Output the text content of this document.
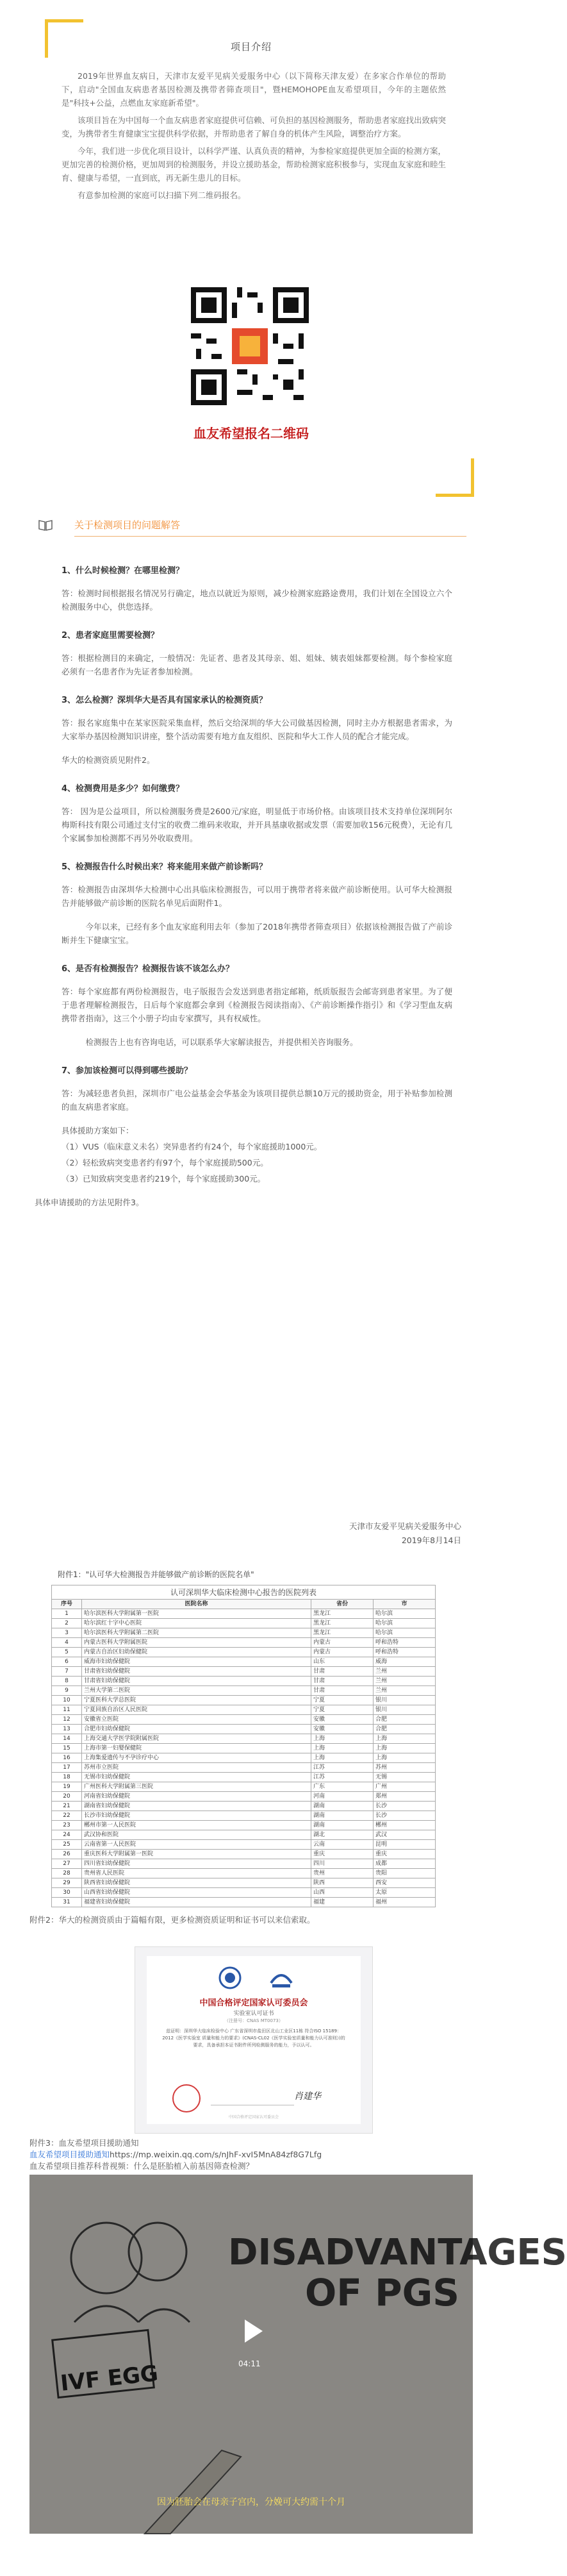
项目介绍

2019年世界血友病日，天津市友爱平见病关爱服务中心（以下简称天津友爱）在多家合作单位的帮助下，启动"全国血友病患者基因检测及携带者筛查项目"，暨HEMOHOPE血友希望项目，今年的主题依然是"科技+公益，点燃血友家庭新希望"。

该项目旨在为中国每一个血友病患者家庭提供可信赖、可负担的基因检测服务，帮助患者家庭找出致病突变，为携带者生育健康宝宝提供科学依据，并帮助患者了解自身的机体产生风险，调整治疗方案。

今年，我们进一步优化项目设计，以科学严谨、认真负责的精神，为参检家庭提供更加全面的检测方案，更加完善的检测价格，更加周到的检测服务，并设立援助基金，帮助检测家庭积极参与，实现血友家庭和睦生育、健康与希望，一直到底，再无新生患儿的目标。

有意参加检测的家庭可以扫描下列二维码报名。

血友希望报名二维码
关于检测项目的问题解答
1、什么时候检测？在哪里检测？

答：检测时间根据报名情况另行确定，地点以就近为原则，减少检测家庭路途费用，我们计划在全国设立六个检测服务中心，供您选择。

2、患者家庭里需要检测？

答：根据检测目的来确定，一般情况：先证者、患者及其母亲、姐、姐妹、姨表姐妹都要检测。每个参检家庭必须有一名患者作为先证者参加检测。

3、怎么检测？深圳华大是否具有国家承认的检测资质？

答：报名家庭集中在某家医院采集血样，然后交给深圳的华大公司做基因检测，同时主办方根据患者需求，为大家举办基因检测知识讲座，整个活动需要有地方血友组织、医院和华大工作人员的配合才能完成。

华大的检测资质见附件2。

4、检测费用是多少？如何缴费？

答： 因为是公益项目，所以检测服务费是2600元/家庭，明显低于市场价格。由该项目技术支持单位深圳阿尔梅斯科技有限公司通过支付宝的收费二维码来收取，并开具基康收据或发票（需要加收156元税费），无论有几个家属参加检测都不再另外收取费用。

5、检测报告什么时候出来？将来能用来做产前诊断吗？

答：检测报告由深圳华大检测中心出具临床检测报告，可以用于携带者将来做产前诊断使用。认可华大检测报告并能够做产前诊断的医院名单见后面附件1。

今年以来，已经有多个血友家庭利用去年（参加了2018年携带者筛查项目）依据该检测报告做了产前诊断并生下健康宝宝。

6、是否有检测报告？检测报告该不该怎么办？

答：每个家庭都有两份检测报告，电子版报告会发送到患者指定邮箱，纸质版报告会邮寄到患者家里。为了便于患者理解检测报告，日后每个家庭都会拿到《检测报告阅读指南》、《产前诊断操作指引》和《学习型血友病携带者指南》，这三个小册子均由专家撰写，具有权威性。

检测报告上也有咨询电话，可以联系华大家解读报告，并提供相关咨询服务。

7、参加该检测可以得到哪些援助？

答：为减轻患者负担，深圳市广电公益基金会华基金为该项目提供总额10万元的援助资金，用于补贴参加检测的血友病患者家庭。

具体援助方案如下：

（1）VUS（临床意义未名）突异患者约有24个，每个家庭援助1000元。

（2）轻松致病突变患者约有97个，每个家庭援助500元。

（3）已知致病突变患者约219个，每个家庭援助300元。

具体申请援助的方法见附件3。

天津市友爱平见病关爱服务中心
2019年8月14日
附件1："认可华大检测报告并能够做产前诊断的医院名单"
认可深圳华大临床检测中心报告的医院列表
序号	医院名称	省份	市
1	哈尔滨医科大学附属第一医院	黑龙江	哈尔滨
2	哈尔滨红十字中心医院	黑龙江	哈尔滨
3	哈尔滨医科大学附属第二医院	黑龙江	哈尔滨
4	内蒙古医科大学附属医院	内蒙古	呼和浩特
5	内蒙古自治区妇幼保健院	内蒙古	呼和浩特
6	威海市妇幼保健院	山东	威海
7	甘肃省妇幼保健院	甘肃	兰州
8	甘肃省妇幼保健院	甘肃	兰州
9	兰州大学第二医院	甘肃	兰州
10	宁夏医科大学总医院	宁夏	银川
11	宁夏回族自治区人民医院	宁夏	银川
12	安徽省立医院	安徽	合肥
13	合肥市妇幼保健院	安徽	合肥
14	上海交通大学医学院附属医院	上海	上海
15	上海市第一妇婴保健院	上海	上海
16	上海集爱遗传与不孕诊疗中心	上海	上海
17	苏州市立医院	江苏	苏州
18	无锡市妇幼保健院	江苏	无锡
19	广州医科大学附属第三医院	广东	广州
20	河南省妇幼保健院	河南	郑州
21	湖南省妇幼保健院	湖南	长沙
22	长沙市妇幼保健院	湖南	长沙
23	郴州市第一人民医院	湖南	郴州
24	武汉协和医院	湖北	武汉
25	云南省第一人民医院	云南	昆明
26	重庆医科大学附属第一医院	重庆	重庆
27	四川省妇幼保健院	四川	成都
28	贵州省人民医院	贵州	贵阳
29	陕西省妇幼保健院	陕西	西安
30	山西省妇幼保健院	山西	太原
31	福建省妇幼保健院	福建	福州
附件2：华大的检测资质由于篇幅有限，更多检测资质证明和证书可以来信索取。
中国合格评定国家认可委员会
实验室认可证书
（注册号：CNAS MT0073）
兹证明：深圳华大临床检验中心 广东省深圳市盐田区北山工业区11栋 符合ISO 15189：2012《医学实验室 质量和能力的要求》(CNAS-CL02《医学实验室质量和能力认可准则》)的要求，具备承担本证书附件所列检测服务的能力，予以认可。
肖建华
中国合格评定国家认可委员会
附件3：血友希望项目援助通知
血友希望项目援助通知https://mp.weixin.qq.com/s/nJhF-xvI5MnA84zf8G7Lfg
血友希望项目推荐科普视频：什么是胚胎植入前基因筛查检测？
DISADVANTAGES
OF PGS
IVF EGG	04:11
因为胚胎会在母亲子宫内，分娩可大约需十个月
